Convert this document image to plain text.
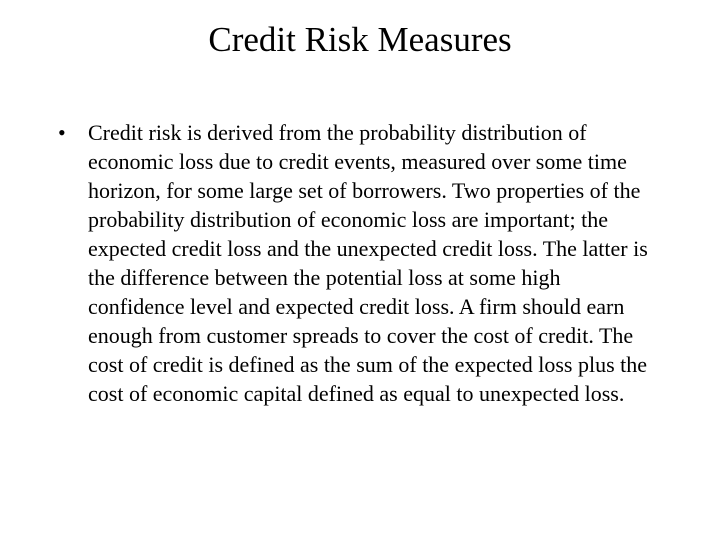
Credit Risk Measures
• Credit risk is derived from the probability distribution of economic loss due to credit events, measured over some time horizon, for some large set of borrowers. Two properties of the probability distribution of economic loss are important; the expected credit loss and the unexpected credit loss. The latter is the difference between the potential loss at some high confidence level and expected credit loss. A firm should earn enough from customer spreads to cover the cost of credit. The cost of credit is defined as the sum of the expected loss plus the cost of economic capital defined as equal to unexpected loss.
